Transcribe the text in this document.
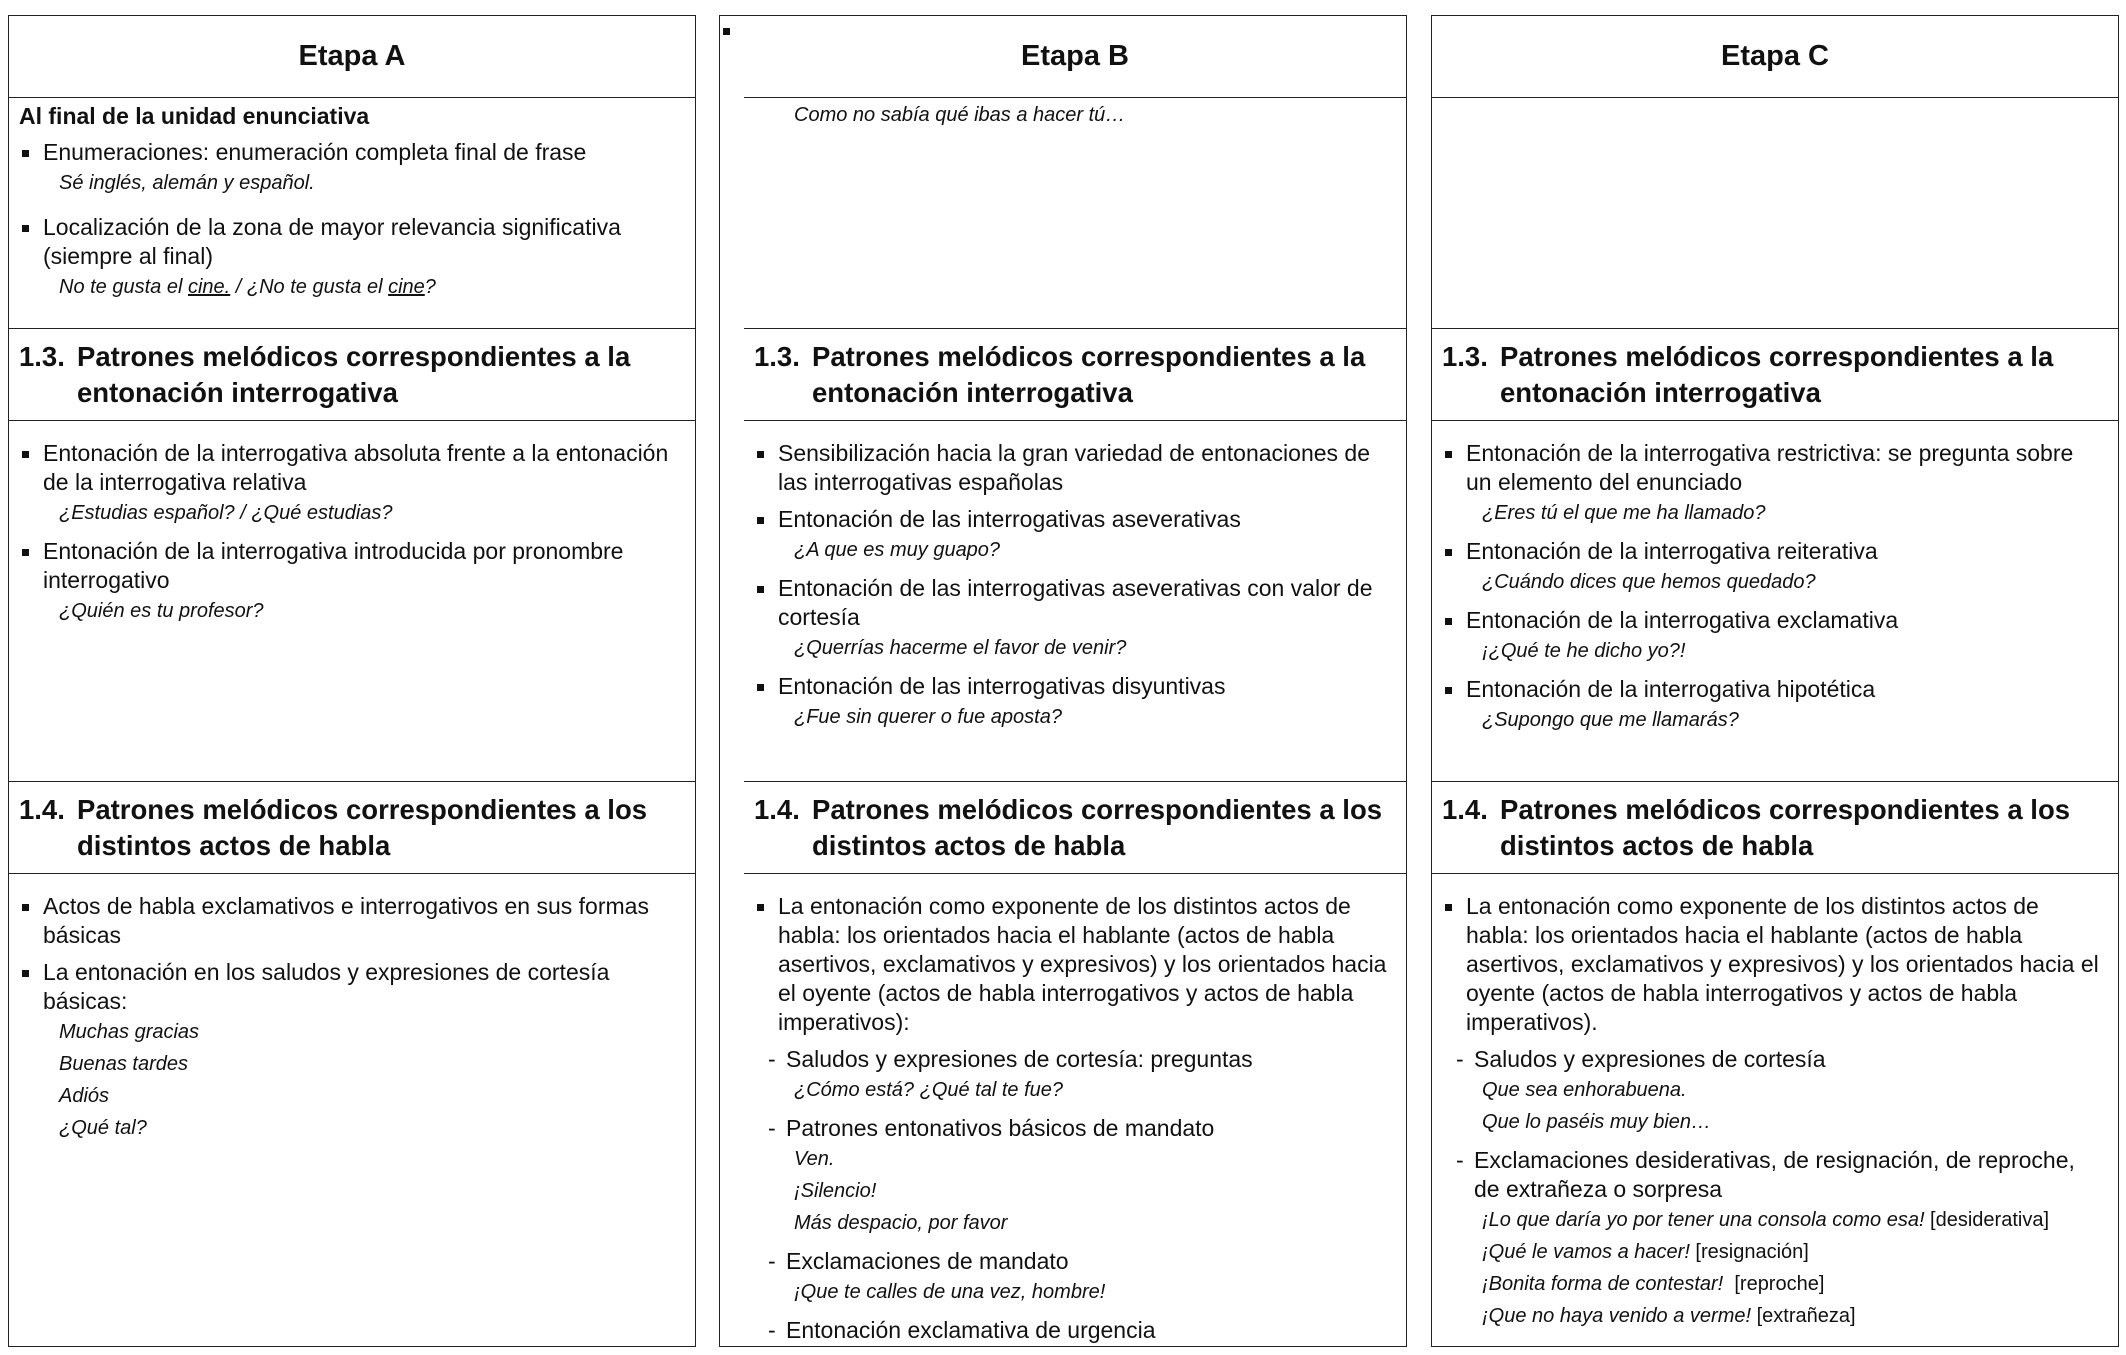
Etapa A
Al final de la unidad enunciativa
Enumeraciones: enumeración completa final de frase
Sé inglés, alemán y español.
Localización de la zona de mayor relevancia significativa (siempre al final)
No te gusta el cine. / ¿No te gusta el cine?
1.3. Patrones melódicos correspondientes a la entonación interrogativa
Entonación de la interrogativa absoluta frente a la entonación de la interrogativa relativa
¿Estudias español? / ¿Qué estudias?
Entonación de la interrogativa introducida por pronombre interrogativo
¿Quién es tu profesor?
1.4. Patrones melódicos correspondientes a los distintos actos de habla
Actos de habla exclamativos e interrogativos en sus formas básicas
La entonación en los saludos y expresiones de cortesía básicas:
Muchas gracias
Buenas tardes
Adiós
¿Qué tal?
Etapa B
Como no sabía qué ibas a hacer tú…
1.3. Patrones melódicos correspondientes a la entonación interrogativa
Sensibilización hacia la gran variedad de entonaciones de las interrogativas españolas
Entonación de las interrogativas aseverativas
¿A que es muy guapo?
Entonación de las interrogativas aseverativas con valor de cortesía
¿Querrías hacerme el favor de venir?
Entonación de las interrogativas disyuntivas
¿Fue sin querer o fue aposta?
1.4. Patrones melódicos correspondientes a los distintos actos de habla
La entonación como exponente de los distintos actos de habla: los orientados hacia el hablante (actos de habla asertivos, exclamativos y expresivos) y los orientados hacia el oyente (actos de habla interrogativos y actos de habla imperativos):
- Saludos y expresiones de cortesía: preguntas
¿Cómo está? ¿Qué tal te fue?
- Patrones entonativos básicos de mandato
Ven.
¡Silencio!
Más despacio, por favor
- Exclamaciones de mandato
¡Que te calles de una vez, hombre!
- Entonación exclamativa de urgencia
Etapa C
1.3. Patrones melódicos correspondientes a la entonación interrogativa
Entonación de la interrogativa restrictiva: se pregunta sobre un elemento del enunciado
¿Eres tú el que me ha llamado?
Entonación de la interrogativa reiterativa
¿Cuándo dices que hemos quedado?
Entonación de la interrogativa exclamativa
¡¿Qué te he dicho yo?!
Entonación de la interrogativa hipotética
¿Supongo que me llamarás?
1.4. Patrones melódicos correspondientes a los distintos actos de habla
La entonación como exponente de los distintos actos de habla: los orientados hacia el hablante (actos de habla asertivos, exclamativos y expresivos) y los orientados hacia el oyente (actos de habla interrogativos y actos de habla imperativos).
- Saludos y expresiones de cortesía
Que sea enhorabuena.
Que lo paséis muy bien…
- Exclamaciones desiderativas, de resignación, de reproche, de extrañeza o sorpresa
¡Lo que daría yo por tener una consola como esa! [desiderativa]
¡Qué le vamos a hacer! [resignación]
¡Bonita forma de contestar!  [reproche]
¡Que no haya venido a verme! [extrañeza]
